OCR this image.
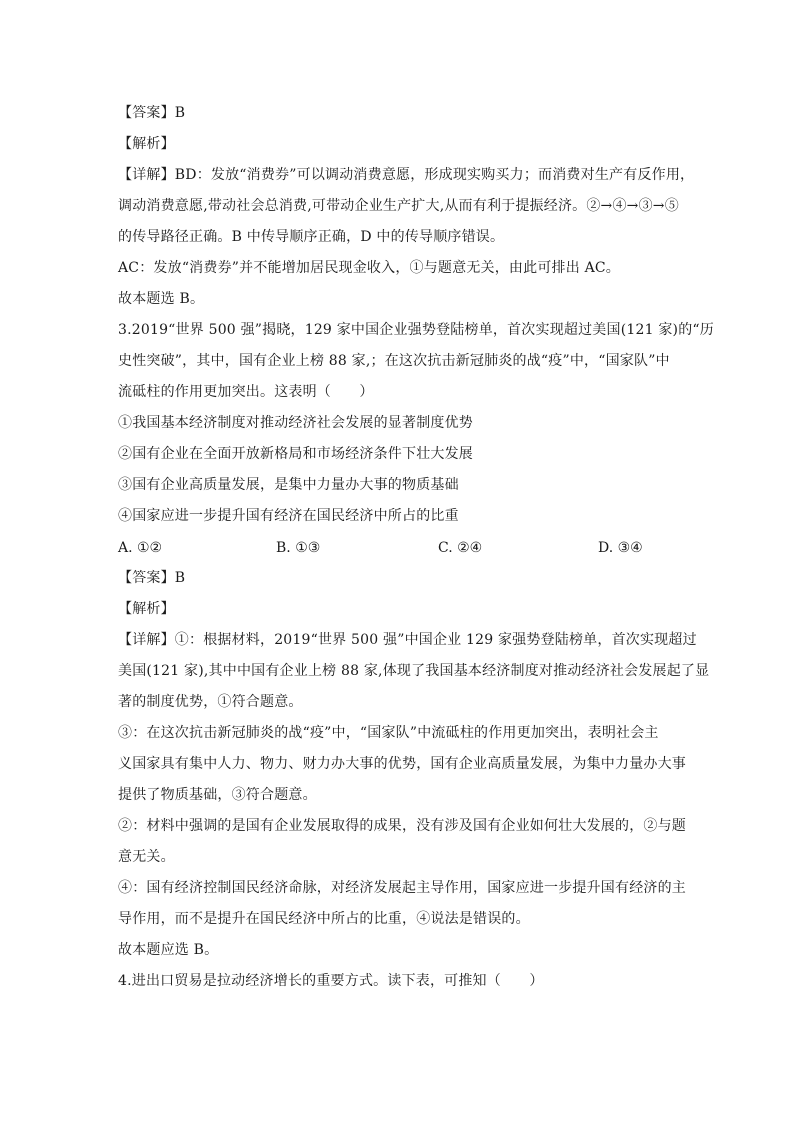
【答案】B
【解析】
【详解】BD：发放“消费券”可以调动消费意愿，形成现实购买力；而消费对生产有反作用，
调动消费意愿,带动社会总消费,可带动企业生产扩大,从而有利于提振经济。②→④→③→⑤
的传导路径正确。B 中传导顺序正确，D 中的传导顺序错误。
AC：发放“消费券”并不能增加居民现金收入，①与题意无关，由此可排出 AC。
故本题选 B。
3.2019“世界 500 强”揭晓，129 家中国企业强势登陆榜单，首次实现超过美国(121 家)的“历
史性突破”，其中，国有企业上榜 88 家,；在这次抗击新冠肺炎的战“疫”中，“国家队”中
流砥柱的作用更加突出。这表明（　　）
①我国基本经济制度对推动经济社会发展的显著制度优势
②国有企业在全面开放新格局和市场经济条件下壮大发展
③国有企业高质量发展，是集中力量办大事的物质基础
④国家应进一步提升国有经济在国民经济中所占的比重
A. ①②	B. ①③	C. ②④	D. ③④
【答案】B
【解析】
【详解】①：根据材料，2019“世界 500 强”中国企业 129 家强势登陆榜单，首次实现超过
美国(121 家),其中中国有企业上榜 88 家,体现了我国基本经济制度对推动经济社会发展起了显
著的制度优势，①符合题意。
③：在这次抗击新冠肺炎的战“疫”中，“国家队”中流砥柱的作用更加突出，表明社会主
义国家具有集中人力、物力、财力办大事的优势，国有企业高质量发展，为集中力量办大事
提供了物质基础，③符合题意。
②：材料中强调的是国有企业发展取得的成果，没有涉及国有企业如何壮大发展的，②与题
意无关。
④：国有经济控制国民经济命脉，对经济发展起主导作用，国家应进一步提升国有经济的主
导作用，而不是提升在国民经济中所占的比重，④说法是错误的。
故本题应选 B。
4.进出口贸易是拉动经济增长的重要方式。读下表，可推知（　　）
